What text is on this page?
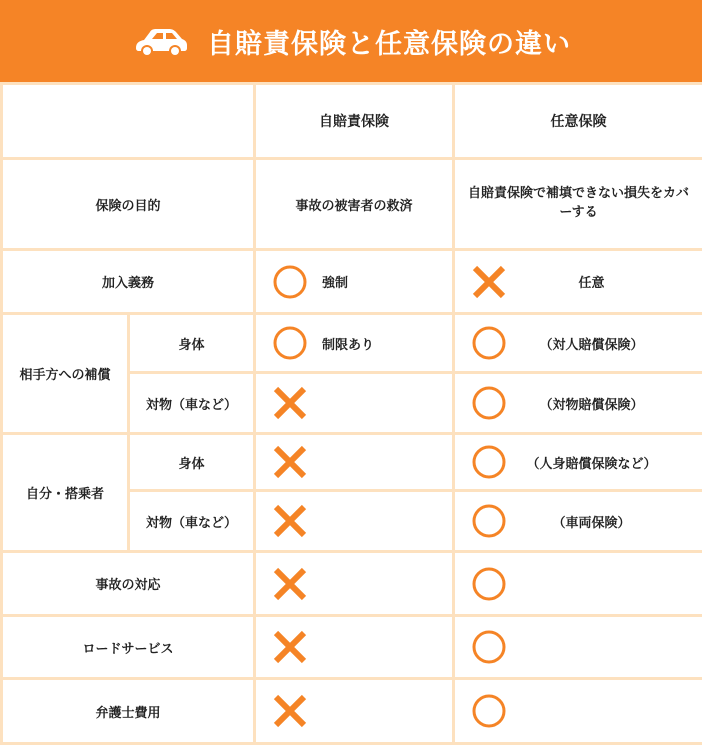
自賠責保険と任意保険の違い
		自賠責保険	任意保険
保険の目的		事故の被害者の救済	自賠責保険で補填できない損失をカバーする
加入義務		強制	任意

相手方への補償	身体	制限あり	（対人賠償保険）

	対物（車など）		（対物賠償保険）

自分・搭乗者	身体		（人身賠償保険など）

	対物（車など）		（車両保険）

事故の対応	

ロードサービス	

弁護士費用	
